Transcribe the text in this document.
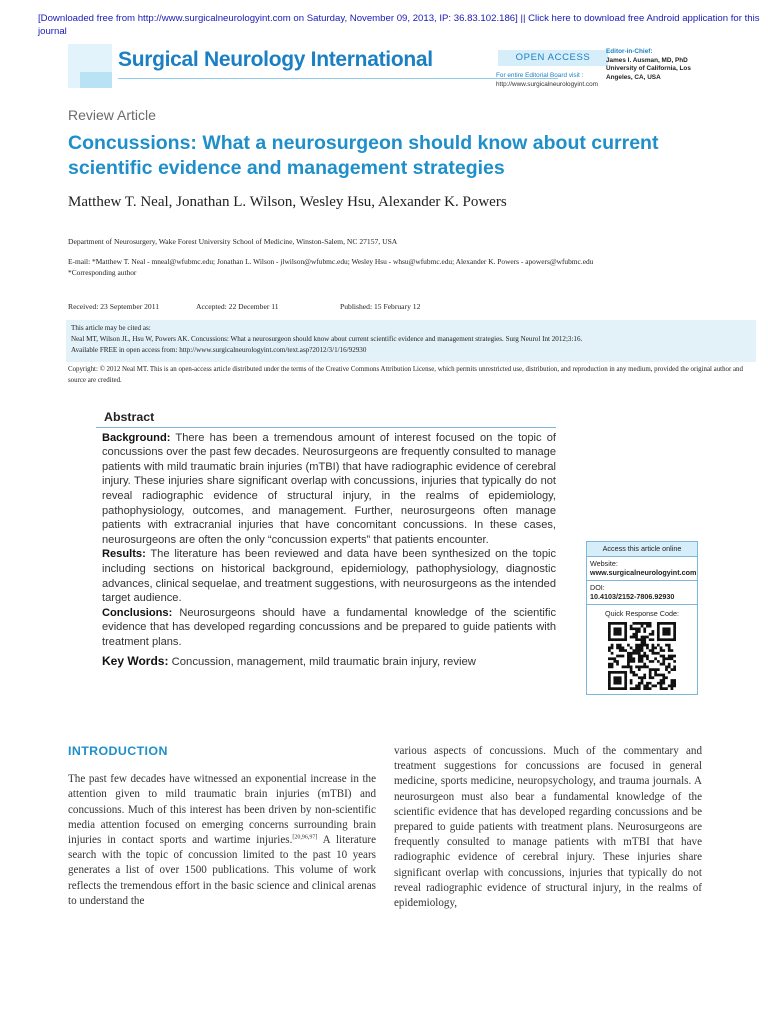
[Downloaded free from http://www.surgicalneurologyint.com on Saturday, November 09, 2013, IP: 36.83.102.186] || Click here to download free Android application for this journal
Surgical Neurology International	OPEN ACCESS
For entire Editorial Board visit :
http://www.surgicalneurologyint.com
Editor-in-Chief:
James I. Ausman, MD, PhD
University of California, Los
Angeles, CA, USA
Review Article
Concussions: What a neurosurgeon should know about current scientific evidence and management strategies
Matthew T. Neal, Jonathan L. Wilson, Wesley Hsu, Alexander K. Powers
Department of Neurosurgery, Wake Forest University School of Medicine, Winston-Salem, NC 27157, USA
E-mail: *Matthew T. Neal - mneal@wfubmc.edu; Jonathan L. Wilson - jlwilson@wfubmc.edu; Wesley Hsu - whsu@wfubmc.edu; Alexander K. Powers - apowers@wfubmc.edu
*Corresponding author
Received: 23 September 2011	Accepted: 22 December 11	Published: 15 February 12
This article may be cited as:
Neal MT, Wilson JL, Hsu W, Powers AK. Concussions: What a neurosurgeon should know about current scientific evidence and management strategies. Surg Neurol Int 2012;3:16.
Available FREE in open access from: http://www.surgicalneurologyint.com/text.asp?2012/3/1/16/92930
Copyright: © 2012 Neal MT. This is an open-access article distributed under the terms of the Creative Commons Attribution License, which permits unrestricted use, distribution, and reproduction in any medium, provided the original author and source are credited.
Abstract

Background: There has been a tremendous amount of interest focused on the topic of concussions over the past few decades. Neurosurgeons are frequently consulted to manage patients with mild traumatic brain injuries (mTBI) that have radiographic evidence of cerebral injury. These injuries share significant overlap with concussions, injuries that typically do not reveal radiographic evidence of structural injury, in the realms of epidemiology, pathophysiology, outcomes, and management. Further, neurosurgeons often manage patients with extracranial injuries that have concomitant concussions. In these cases, neurosurgeons are often the only “concussion experts” that patients encounter.

Results: The literature has been reviewed and data have been synthesized on the topic including sections on historical background, epidemiology, pathophysiology, diagnostic advances, clinical sequelae, and treatment suggestions, with neurosurgeons as the intended target audience.

Conclusions: Neurosurgeons should have a fundamental knowledge of the scientific evidence that has developed regarding concussions and be prepared to guide patients with treatment plans.

Key Words: Concussion, management, mild traumatic brain injury, review

Access this article online
Website:
www.surgicalneurologyint.com
DOI:
10.4103/2152-7806.92930
Quick Response Code:
INTRODUCTION
The past few decades have witnessed an exponential increase in the attention given to mild traumatic brain injuries (mTBI) and concussions. Much of this interest has been driven by non-scientific media attention focused on emerging concerns surrounding brain injuries in contact sports and wartime injuries.[20,96,97] A literature search with the topic of concussion limited to the past 10 years generates a list of over 1500 publications. This volume of work reflects the tremendous effort in the basic science and clinical arenas to understand the
various aspects of concussions. Much of the commentary and treatment suggestions for concussions are focused in general medicine, sports medicine, neuropsychology, and trauma journals. A neurosurgeon must also bear a fundamental knowledge of the scientific evidence that has developed regarding concussions and be prepared to guide patients with treatment plans. Neurosurgeons are frequently consulted to manage patients with mTBI that have radiographic evidence of cerebral injury. These injuries share significant overlap with concussions, injuries that typically do not reveal radiographic evidence of structural injury, in the realms of epidemiology,
